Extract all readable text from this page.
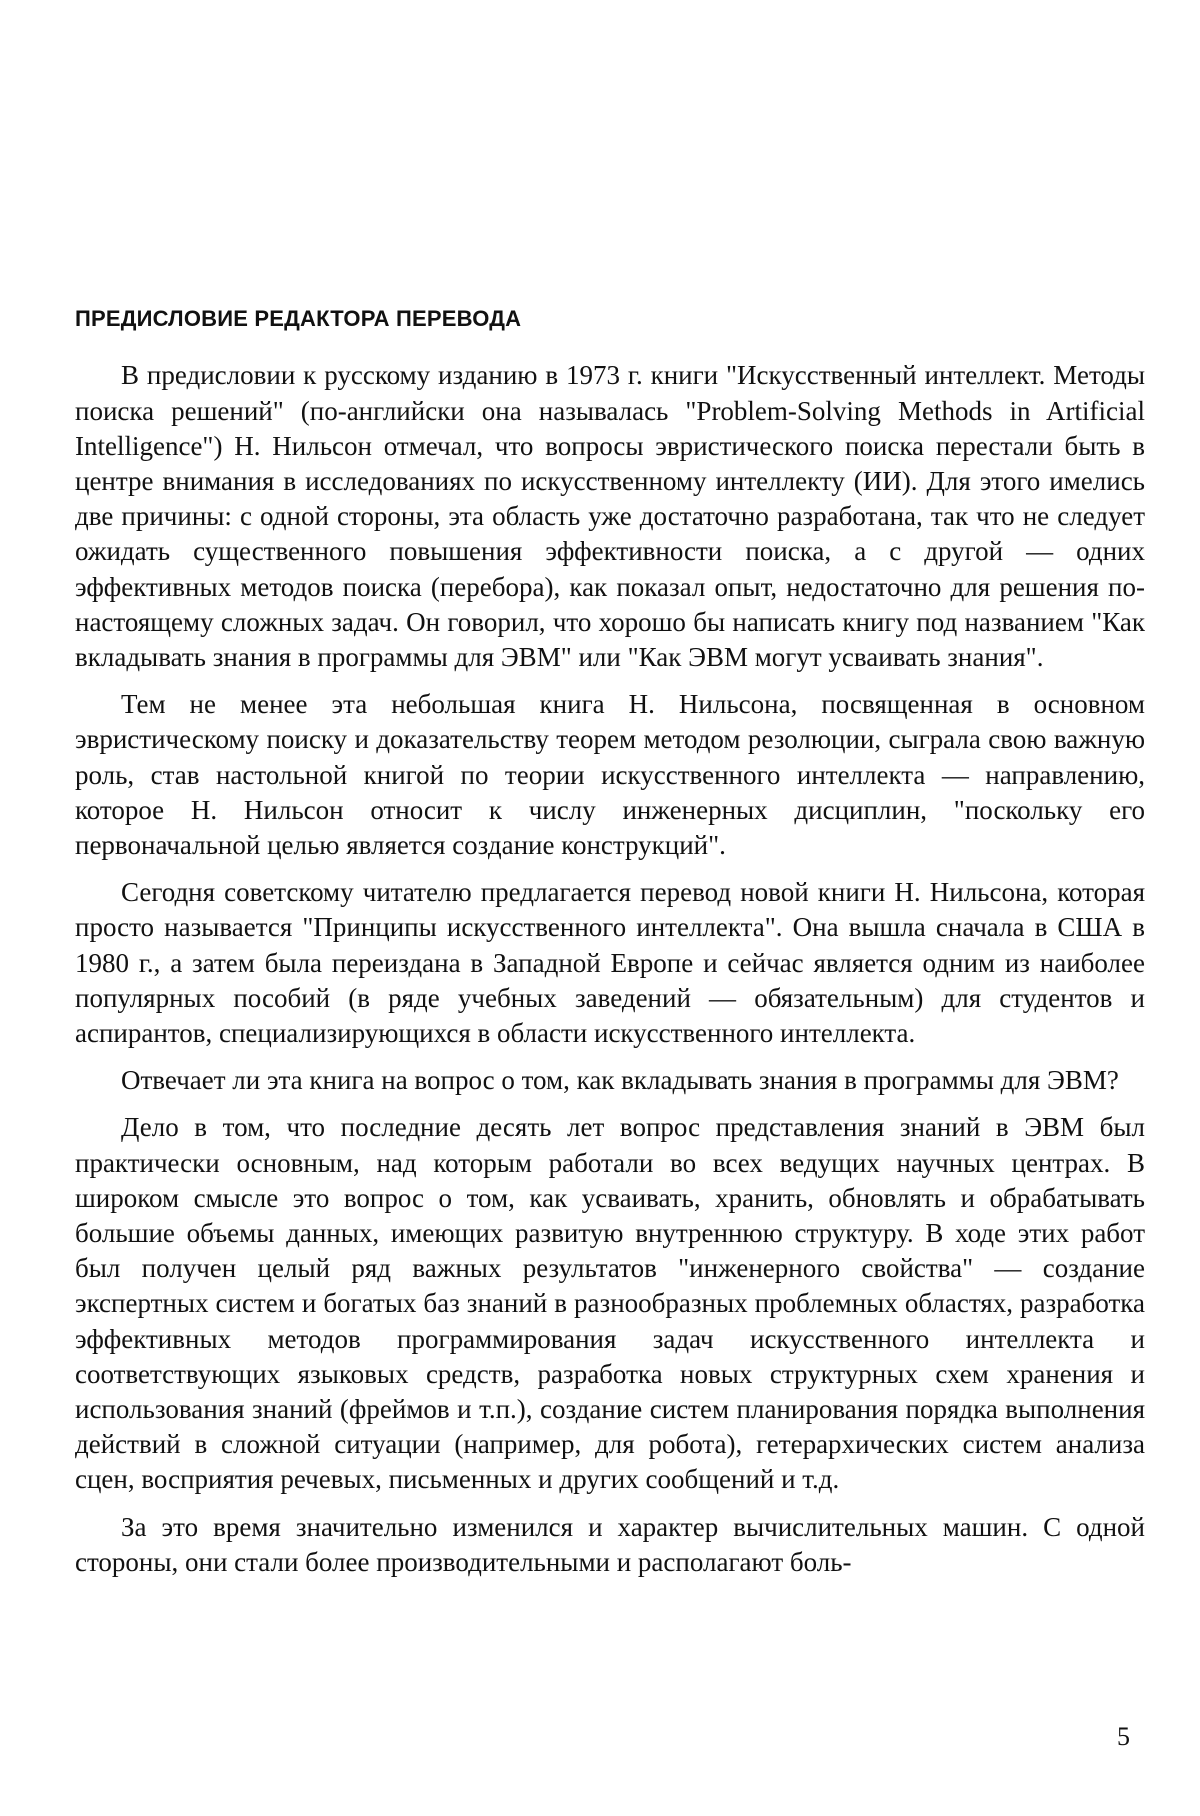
ПРЕДИСЛОВИЕ РЕДАКТОРА ПЕРЕВОДА

В предисловии к русскому изданию в 1973 г. книги "Искусственный интеллект. Методы поиска решений" (по-английски она называлась "Problem-Solving Methods in Artificial Intelligence") Н. Нильсон отмечал, что вопросы эвристического поиска перестали быть в центре внимания в исследованиях по искусственному интеллекту (ИИ). Для этого имелись две причины: с одной стороны, эта область уже достаточно разработана, так что не следует ожидать существенного повышения эффективности поиска, а с другой — одних эффективных методов поиска (перебора), как показал опыт, недостаточно для решения по-настоящему сложных задач. Он говорил, что хорошо бы написать книгу под названием "Как вкладывать знания в программы для ЭВМ" или "Как ЭВМ могут усваивать знания".

Тем не менее эта небольшая книга Н. Нильсона, посвященная в основном эвристическому поиску и доказательству теорем методом резолюции, сыграла свою важную роль, став настольной книгой по теории искусственного интеллекта — направлению, которое Н. Нильсон относит к числу инженерных дисциплин, "поскольку его первоначальной целью является создание конструкций".

Сегодня советскому читателю предлагается перевод новой книги Н. Нильсона, которая просто называется "Принципы искусственного интеллекта". Она вышла сначала в США в 1980 г., а затем была переиздана в Западной Европе и сейчас является одним из наиболее популярных пособий (в ряде учебных заведений — обязательным) для студентов и аспирантов, специализирующихся в области искусственного интеллекта.

Отвечает ли эта книга на вопрос о том, как вкладывать знания в программы для ЭВМ?

Дело в том, что последние десять лет вопрос представления знаний в ЭВМ был практически основным, над которым работали во всех ведущих научных центрах. В широком смысле это вопрос о том, как усваивать, хранить, обновлять и обрабатывать большие объемы данных, имеющих развитую внутреннюю структуру. В ходе этих работ был получен целый ряд важных результатов "инженерного свойства" — создание экспертных систем и богатых баз знаний в разнообразных проблемных областях, разработка эффективных методов программирования задач искусственного интеллекта и соответствующих языковых средств, разработка новых структурных схем хранения и использования знаний (фреймов и т.п.), создание систем планирования порядка выполнения действий в сложной ситуации (например, для робота), гетерархических систем анализа сцен, восприятия речевых, письменных и других сообщений и т.д.

За это время значительно изменился и характер вычислительных машин. С одной стороны, они стали более производительными и располагают боль-

5
